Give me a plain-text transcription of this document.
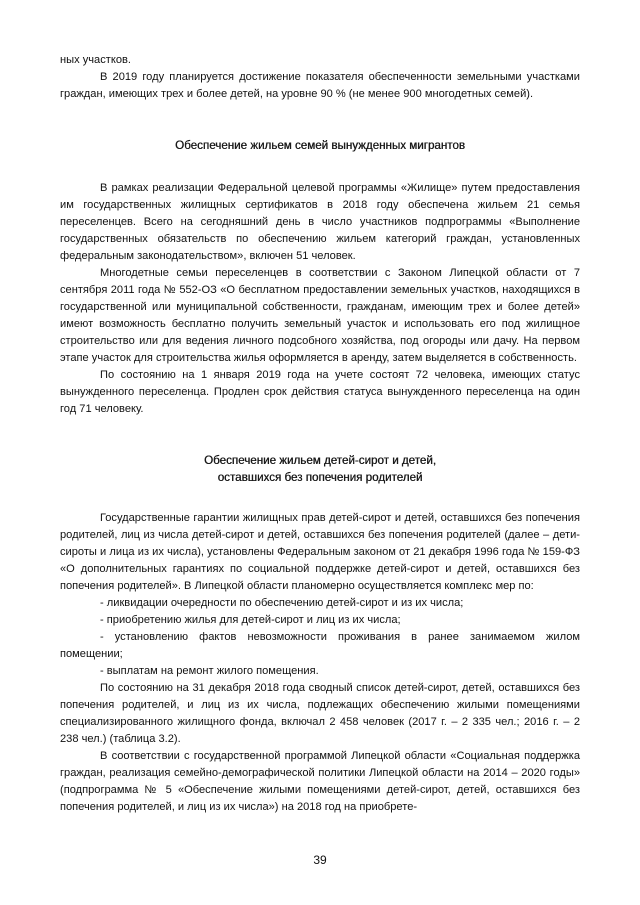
ных участков.

В 2019 году планируется достижение показателя обеспеченности земельными участками граждан, имеющих трех и более детей, на уровне 90 % (не менее 900 многодетных семей).

Обеспечение жильем семей вынужденных мигрантов

В рамках реализации Федеральной целевой программы «Жилище» путем предоставления им государственных жилищных сертификатов в 2018 году обеспечена жильем 21 семья переселенцев. Всего на сегодняшний день в число участников подпрограммы «Выполнение государственных обязательств по обеспечению жильем категорий граждан, установленных федеральным законодательством», включен 51 человек.

Многодетные семьи переселенцев в соответствии с Законом Липецкой области от 7 сентября 2011 года № 552-ОЗ «О бесплатном предоставлении земельных участков, находящихся в государственной или муниципальной собственности, гражданам, имеющим трех и более детей» имеют возможность бесплатно получить земельный участок и использовать его под жилищное строительство или для ведения личного подсобного хозяйства, под огороды или дачу. На первом этапе участок для строительства жилья оформляется в аренду, затем выделяется в собственность.

По состоянию на 1 января 2019 года на учете состоят 72 человека, имеющих статус вынужденного переселенца. Продлен срок действия статуса вынужденного переселенца на один год 71 человеку.

Обеспечение жильем детей-сирот и детей,
оставшихся без попечения родителей

Государственные гарантии жилищных прав детей-сирот и детей, оставшихся без попечения родителей, лиц из числа детей-сирот и детей, оставшихся без попечения родителей (далее – дети-сироты и лица из их числа), установлены Федеральным законом от 21 декабря 1996 года № 159-ФЗ «О дополнительных гарантиях по социальной поддержке детей-сирот и детей, оставшихся без попечения родителей». В Липецкой области планомерно осуществляется комплекс мер по:

- ликвидации очередности по обеспечению детей-сирот и из их числа;

- приобретению жилья для детей-сирот и лиц из их числа;

- установлению фактов невозможности проживания в ранее занимаемом жилом помещении;

- выплатам на ремонт жилого помещения.

По состоянию на 31 декабря 2018 года сводный список детей-сирот, детей, оставшихся без попечения родителей, и лиц из их числа, подлежащих обеспечению жилыми помещениями специализированного жилищного фонда, включал 2 458 человек (2017 г. – 2 335 чел.; 2016 г. – 2 238 чел.) (таблица 3.2).

В соответствии с государственной программой Липецкой области «Социальная поддержка граждан, реализация семейно-демографической политики Липецкой области на 2014 – 2020 годы» (подпрограмма № 5 «Обеспечение жилыми помещениями детей-сирот, детей, оставшихся без попечения родителей, и лиц из их числа») на 2018 год на приобрете-

39
